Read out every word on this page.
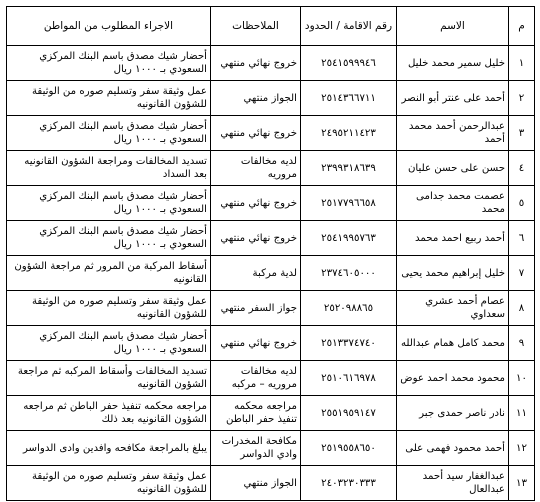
م	الاسم	رقم الاقامة / الحدود	الملاحظات	الاجراء المطلوب من المواطن
١	خليل سمير محمد خليل	٢٥٤١٥٩٩٩٤٦	خروج نهائي منتهي	أحضار شيك مصدق باسم البنك المركزي السعودي بـ ١٠٠٠ ريال
٢	أحمد على عنتر أبو النصر	٢٥١٤٣٦٦٧١١	الجواز منتهي	عمل وثيقة سفر وتسليم صوره من الوثيقة للشؤون القانونيه
٣	عبدالرحمن أحمد محمد أحمد	٢٤٩٥٢١١٤٢٣	خروج نهائي منتهي	أحضار شيك مصدق باسم البنك المركزي السعودي بـ ١٠٠٠ ريال
٤	حسن على حسن عليان	٢٣٩٩٣١٨٦٣٩	لديه مخالفات مروريه	تسديد المخالفات ومراجعة الشؤون القانونيه بعد السداد
٥	عصمت محمد جدامى محمد	٢٥١٧٧٩٦٦٥٨	خروج نهائي منتهي	أحضار شيك مصدق باسم البنك المركزي السعودي بـ ١٠٠٠ ريال
٦	أحمد ربيع احمد محمد	٢٥٤١٩٩٥٧٦٣	خروج نهائي منتهي	أحضار شيك مصدق باسم البنك المركزي السعودي بـ ١٠٠٠ ريال
٧	خليل إبراهيم محمد يحيى	٢٣٧٤٦٠٥٠٠٠	لدية مركبة	أسقاط المركبة من المرور ثم مراجعة الشؤون القانونيه
٨	عصام أحمد عشري سعداوي	٢٥٢٠٩٨٨٦٥	جواز السفر منتهي	عمل وثيقة سفر وتسليم صوره من الوثيقة للشؤون القانونيه
٩	محمد كامل همام عبدالله	٢٥١٣٣٧٤٧٤٠	خروج نهائي منتهي	أحضار شيك مصدق باسم البنك المركزي السعودي بـ ١٠٠٠ ريال
١٠	محمود محمد احمد عوض	٢٥١٠٦١٦٩٧٨	لديه مخالفات مروريه – مركبه	تسديد المخالفات وأسقاط المركبه ثم مراجعة الشؤون القانونيه
١١	نادر ناصر حمدى جبر	٢٥٥١٩٥٩١٤٧	مراجعه محكمه تنفيذ حفر الباطن	مراجعه محكمه تنفيذ حفر الباطن ثم مراجعه الشؤون القانونيه بعد ذلك
١٢	أحمد محمود فهمى على	٢٥١٩٥٥٨٦٥٠	مكافحة المخدرات وادي الدواسر	يبلغ بالمراجعة مكافحه وافدين وادى الدواسر
١٣	عبدالغفار سيد أحمد عبدالعال	٢٤٠٣٢٣٠٣٣٣	الجواز منتهي	عمل وثيقة سفر وتسليم صوره من الوثيقة للشؤون القانونيه
